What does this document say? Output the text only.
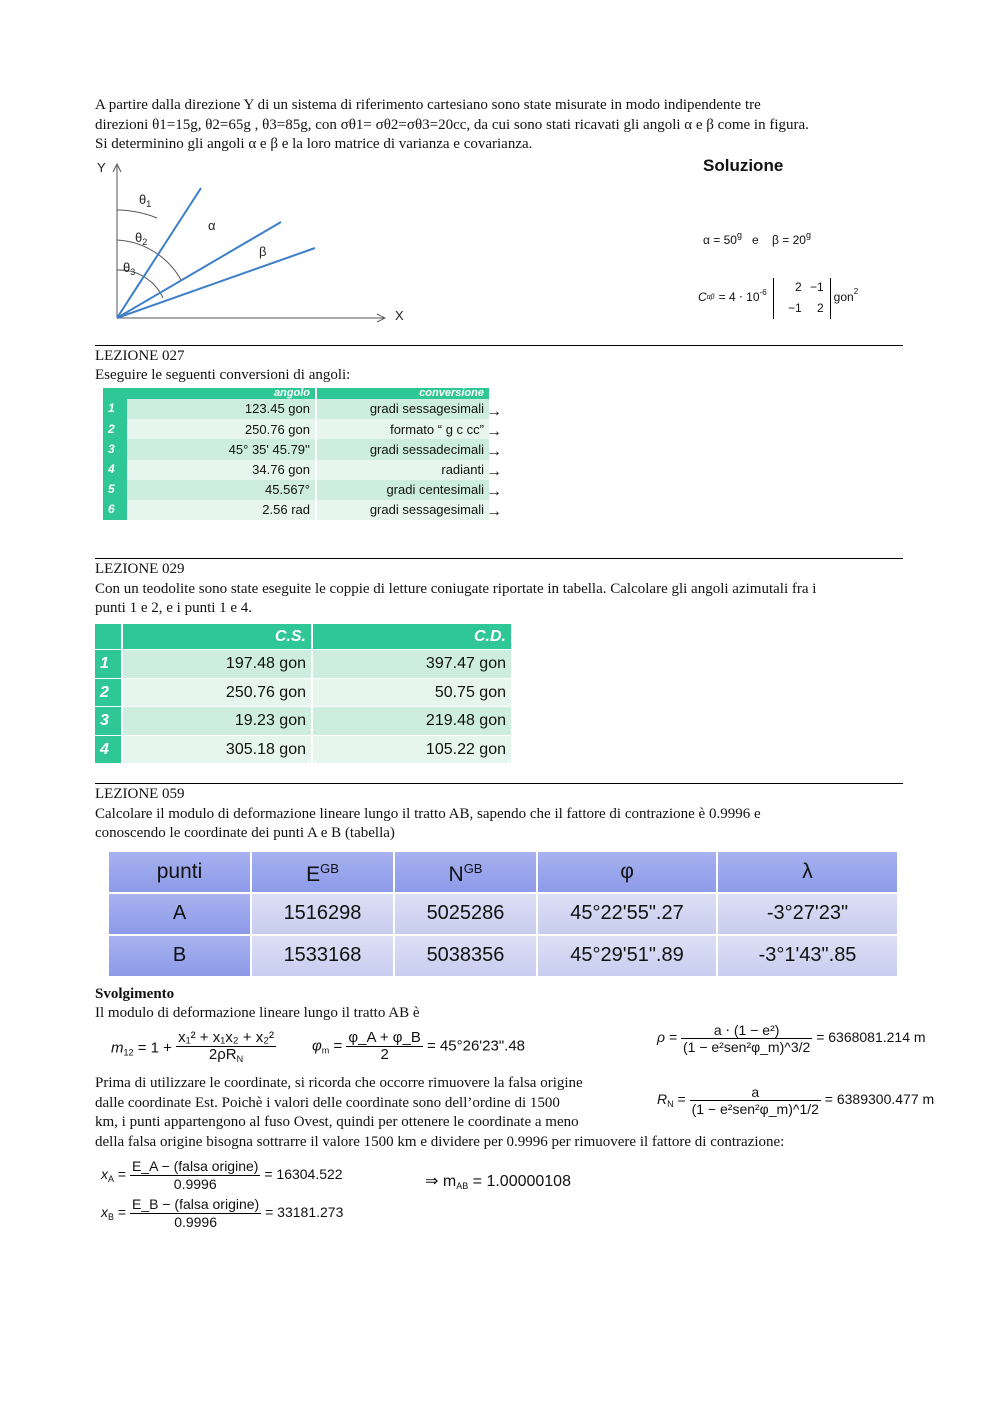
A partire dalla direzione Y di un sistema di riferimento cartesiano sono state misurate in modo indipendente tre
direzioni θ1=15g, θ2=65g , θ3=85g, con σθ1= σθ2=σθ3=20cc, da cui sono stati ricavati gli angoli α e β come in figura.
Si determinino gli angoli α e β e la loro matrice di varianza e covarianza.
Y
X
$\theta_1$
$\theta_2$
$\theta_3$
α
β
Soluzione
$\alpha = 50^g$ e $\beta = 20^g$
C αβ = 4 ⋅ 10 -6	2 −1
−1	2
gon 2
LEZIONE 027
Eseguire le seguenti conversioni di angoli:
	angolo	conversione
1	123.45 gon	gradi sessagesimali
2	250.76 gon	formato “ g c cc”
3	45° 35' 45.79''	gradi sessadecimali
4	34.76 gon	radianti
5	45.567°	gradi centesimali
6	2.56 rad	gradi sessagesimali
→
→
→
→
→
→
LEZIONE 029
Con un teodolite sono state eseguite le coppie di letture coniugate riportate in tabella. Calcolare gli angoli azimutali fra i
punti 1 e 2, e i punti 1 e 4.
	C.S.	C.D.
1	197.48 gon	397.47 gon
2	250.76 gon	50.75 gon
3	19.23 gon	219.48 gon
4	305.18 gon	105.22 gon
LEZIONE 059
Calcolare il modulo di deformazione lineare lungo il tratto AB, sapendo che il fattore di contrazione è 0.9996 e
conoscendo le coordinate dei punti A e B (tabella)
punti	$E^{GB}$	$N^{GB}$	φ	λ
A	1516298	5025286	45°22'55".27	-3°27'23"
B	1533168	5038356	45°29'51".89	-3°1'43".85
Svolgimento
Il modulo di deformazione lineare lungo il tratto AB è
$m_{12} = 1 + \frac{\text{x₁² + x₁x₂ + x₂²}}{2\rho R_N} \varphi_m = \frac{\varphi\_A + \varphi\_B}{2}$ = 45°26'23".48
$\rho = \frac{\text{a ⋅ (1 − e²)}}{\text{(1 − e²sen²φ\_m)\textasciicircum{}3/2}} = 6368081.214$ m
$R_N = \frac{a}{\text{(1 − e²sen²φ\_m)\textasciicircum{}1/2}} = 6389300.477$ m
Prima di utilizzare le coordinate, si ricorda che occorre rimuovere la falsa origine
dalle coordinate Est. Poichè i valori delle coordinate sono dell’ordine di 1500
km, i punti appartengono al fuso Ovest, quindi per ottenere le coordinate a meno
della falsa origine bisogna sottrarre il valore 1500 km e dividere per 0.9996 per rimuovere il fattore di contrazione:
$x_A = \frac{\text{E\_A − (falsa origine)}}{0.9996} = 16304.522$
$x_B = \frac{\text{E\_B − (falsa origine)}}{0.9996} = 33181.273$
⇒ $m_{AB} = 1.00000108$
